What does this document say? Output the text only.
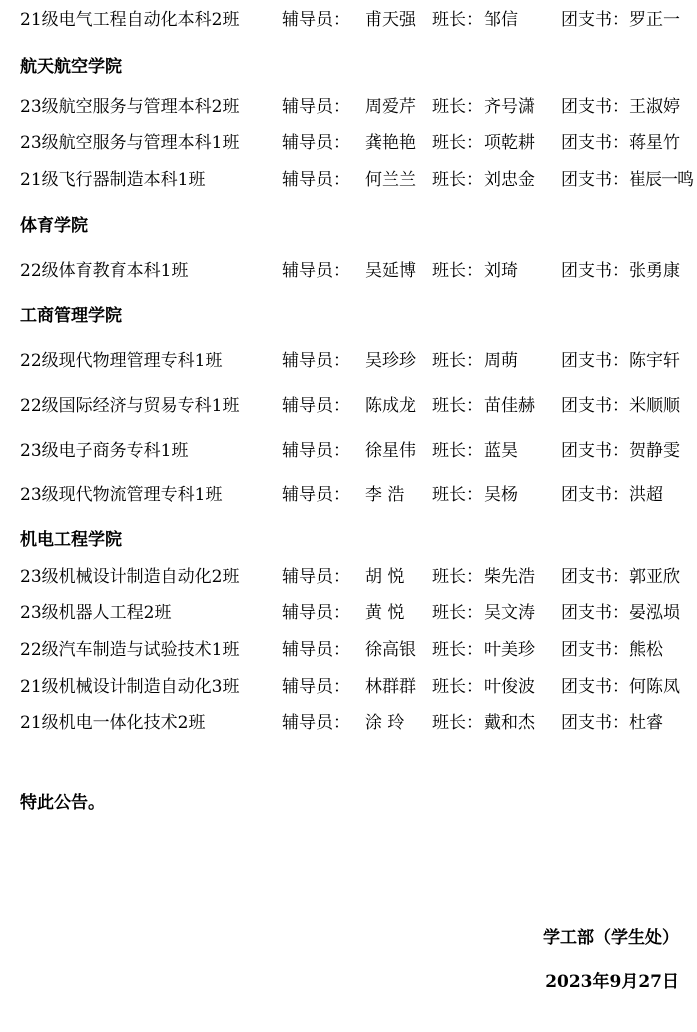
21级电气工程自动化本科2班	辅导员： 甫天强 班长：邹信	团支书：罗正一
航天航空学院
23级航空服务与管理本科2班	辅导员： 周爱芹 班长：齐号潇 团支书：王淑婷
23级航空服务与管理本科1班	辅导员： 龚艳艳 班长：项乾耕 团支书：蒋星竹
21级飞行器制造本科1班	辅导员： 何兰兰 班长：刘忠金 团支书：崔辰一鸣
体育学院
22级体育教育本科1班	辅导员： 吴延博 班长：刘琦	团支书：张勇康
工商管理学院
22级现代物理管理专科1班	辅导员： 吴珍珍 班长：周萌	团支书：陈宇轩
22级国际经济与贸易专科1班	辅导员： 陈成龙 班长：苗佳赫 团支书：米顺顺
23级电子商务专科1班	辅导员： 徐星伟 班长：蓝昊	团支书：贺静雯
23级现代物流管理专科1班	辅导员： 李 浩 班长：吴杨	团支书：洪超
机电工程学院
23级机械设计制造自动化2班	辅导员： 胡 悦 班长：柴先浩 团支书：郭亚欣
23级机器人工程2班	辅导员： 黄 悦 班长：吴文涛 团支书：晏泓埙
22级汽车制造与试验技术1班	辅导员： 徐高银 班长：叶美珍 团支书：熊松
21级机械设计制造自动化3班	辅导员： 林群群 班长：叶俊波 团支书：何陈凤
21级机电一体化技术2班	辅导员： 涂 玲 班长：戴和杰 团支书：杜睿
特此公告。
学工部（学生处）
2023年9月27日
